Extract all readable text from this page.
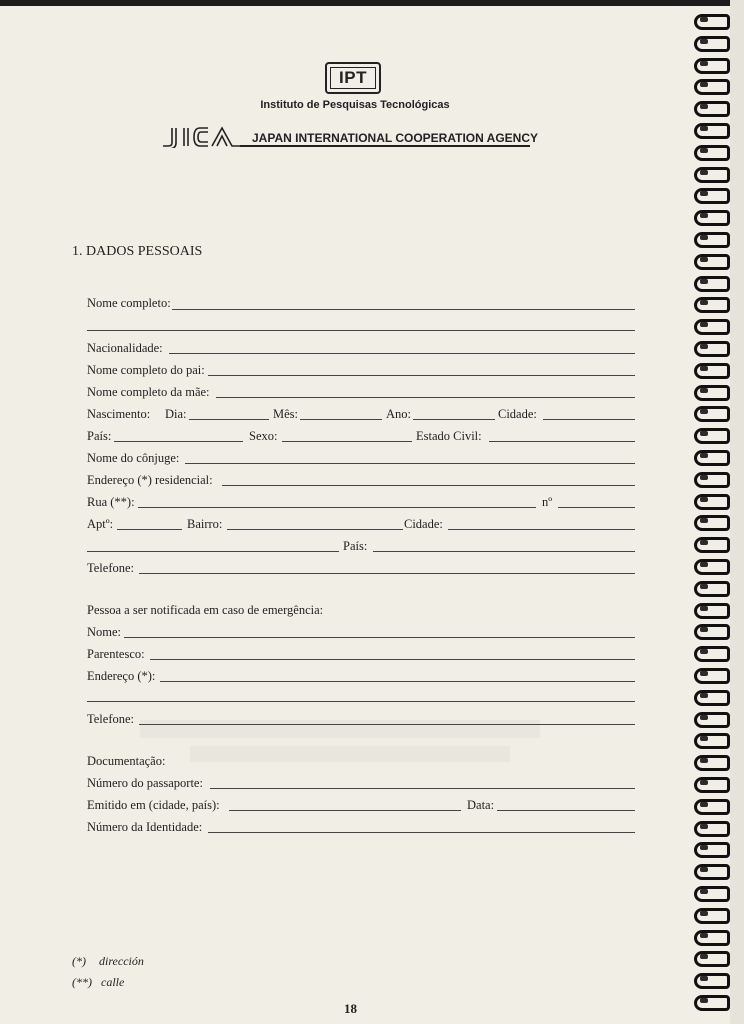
IPT
Instituto de Pesquisas Tecnológicas
JAPAN INTERNATIONAL COOPERATION AGENCY
1. DADOS PESSOAIS
Nome completo:
Nacionalidade:
Nome completo do pai:
Nome completo da mãe:
Nascimento: Dia:	Mês:	Ano:	Cidade:
País:	Sexo:	Estado Civil:
Nome do cônjuge:
Endereço (*) residencial:
Rua (**):	nº
Aptº:	Bairro:	Cidade:
País:
Telefone:
Pessoa a ser notificada em caso de emergência:
Nome:
Parentesco:
Endereço (*):
Telefone:
Documentação:
Número do passaporte:
Emitido em (cidade, país):	Data:
Número da Identidade:
(*) dirección
(**) calle
18
